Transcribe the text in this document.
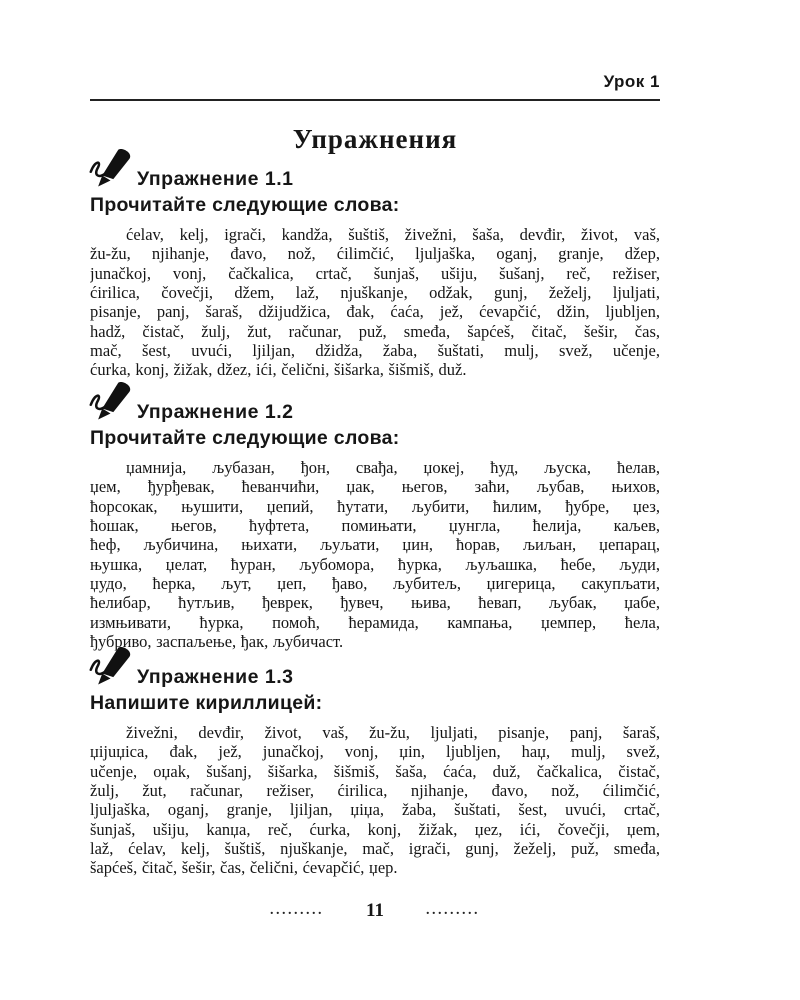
Урок 1
Упражнения
Упражнение 1.1
Прочитайте следующие слова:
ćelav, kelj, igrači, kandža, šuštiš, živežni, šaša, devđir, život, vaš,
žu-žu, njihanje, đavo, nož, ćilimčić, ljuljaška, oganj, granje, džep,
junačkoj, vonj, čačkalica, crtač, šunjaš, ušiju, šušanj, reč, režiser,
ćirilica, čovečji, džem, laž, njuškanje, odžak, gunj, žeželj, ljuljati,
pisanje, panj, šaraš, džijudžica, đak, ćaća, jež, ćevapčić, džin, ljubljen,
hadž, čistač, žulj, žut, računar, puž, smeđa, šapćeš, čitač, šešir, čas,
mač, šest, uvući, ljiljan, džidža, žaba, šuštati, mulj, svež, učenje,
ćurka, konj, žižak, džez, ići, čelični, šišarka, šišmiš, duž.
Упражнение 1.2
Прочитайте следующие слова:
џамнија, љубазан, ђон, свађа, џокеј, ћуд, љуска, ћелав,
џем, ђурђевак, ћеванчићи, џак, његов, заћи, љубав, њихов,
ћорсокак, њушити, џепий, ћутати, љубити, ћилим, ђубре, џез,
ћошак, његов, ћуфтета, помињати, џунгла, ћелија, каљев,
ћеф, љубичина, њихати, љуљати, џин, ћорав, љиљан, џепарац,
њушка, џелат, ћуран, љубомора, ћурка, љуљашка, ћебе, људи,
џудо, ћерка, љут, џеп, ђаво, љубитељ, џигерица, сакупљати,
ћелибар, ћутљив, ђеврек, ђувеч, њива, ћевап, љубак, џабе,
измњивати, ћурка, помоћ, ћерамида, кампања, џемпер, ћела,
ђубриво, заспаљење, ђак, љубичаст.
Упражнение 1.3
Напишите кириллицей:
živežni, devđir, život, vaš, žu-žu, ljuljati, pisanje, panj, šaraš,
џijuџica, đak, jež, junačkoj, vonj, џin, ljubljen, haџ, mulj, svež,
učenje, oџak, šušanj, šišarka, šišmiš, šaša, ćaća, duž, čačkalica, čistač,
žulj, žut, računar, režiser, ćirilica, njihanje, đavo, nož, ćilimčić,
ljuljaška, oganj, granje, ljiljan, џiџa, žaba, šuštati, šest, uvući, crtač,
šunjaš, ušiju, kanџa, reč, ćurka, konj, žižak, џez, ići, čovečji, џem,
laž, ćelav, kelj, šuštiš, njuškanje, mač, igrači, gunj, žeželj, puž, smeđa,
šapćeš, čitač, šešir, čas, čelični, ćevapčić, џep.
......... 11	.........
